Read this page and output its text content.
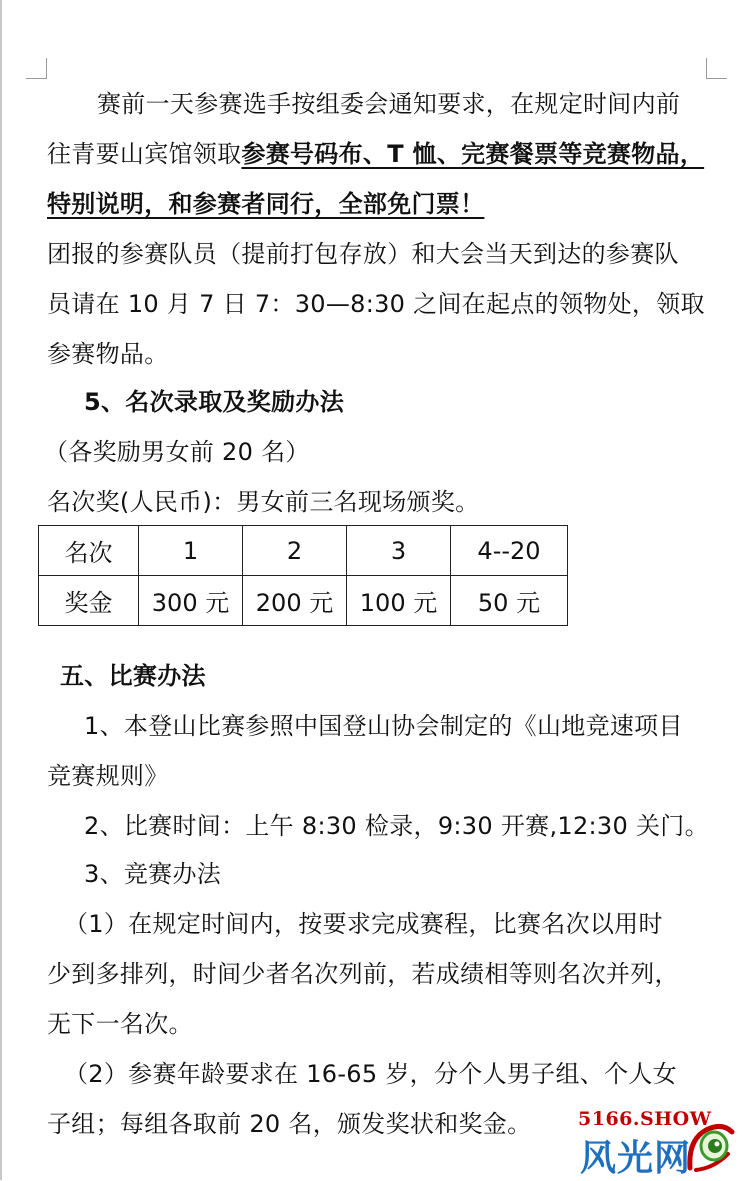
赛前一天参赛选手按组委会通知要求，在规定时间内前
往青要山宾馆领取参赛号码布、T 恤、完赛餐票等竞赛物品，
特别说明，和参赛者同行，全部免门票！
团报的参赛队员（提前打包存放）和大会当天到达的参赛队
员请在 10 月 7 日 7：30—8:30 之间在起点的领物处，领取
参赛物品。
5、名次录取及奖励办法
（各奖励男女前 20 名）
名次奖(人民币)：男女前三名现场颁奖。
名次	1	2	3	4--20
奖金	300 元	200 元	100 元	50 元
五、比赛办法
1、本登山比赛参照中国登山协会制定的《山地竞速项目
竞赛规则》
2、比赛时间：上午 8:30 检录，9:30 开赛,12:30 关门。
3、竞赛办法
（1）在规定时间内，按要求完成赛程，比赛名次以用时
少到多排列，时间少者名次列前，若成绩相等则名次并列，
无下一名次。
（2）参赛年龄要求在 16-65 岁，分个人男子组、个人女
子组；每组各取前 20 名，颁发奖状和奖金。 5166.SHOW
风光网
